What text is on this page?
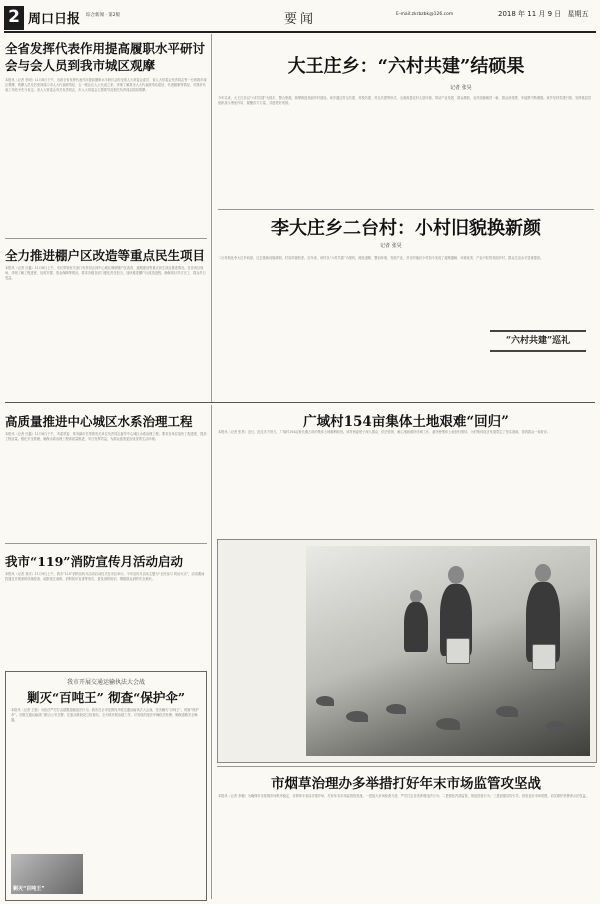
2 周口日报 综合新闻 · 第2版	要闻	E-mail:zkrbzbk@126.com	2018 年 11 月 9 日 星期五
全省发挥代表作用提高履职水平研讨会与会人员到我市城区观摩
本报讯（记者 李明）11月8日下午，出席全省发挥代表作用提高履职水平研讨会的全国人大常委会委员、省人大常委会负责同志等一行到我市城区观摩。观摩人员先后来到周口市人大代表联络站、五一路社区人大代表之家，详细了解我市人大代表联络站建设、代表履职等情况，对我市代表工作给予充分肯定。省人大常委会有关负责同志，市人大常委会主要领导及相关负责同志陪同观摩。
全力推进棚户区改造等重点民生项目
本报讯（记者 吕鑫）11月8日上午，市长带领有关部门负责同志到中心城区调研棚户区改造、道路建设等重点民生项目推进情况。在各项目现场，详细了解工程进度、征收安置、资金保障等情况，要求各级各部门强化责任担当，加快推进棚户区改造进程，确保项目早日完工、群众早日受益。
高质量推进中心城区水系治理工程
本报讯（记者 吕鑫）11月8日下午，市委常委、常务副市长带领有关单位负责同志督导中心城区水系治理工程。要求各单位加快工程进度，提高工程质量，强化安全管理，确保水系治理工程高质量推进，早日发挥效益，为群众创造更加优美的生活环境。
我市“119”消防宣传月活动启动
本报讯（记者 刘彦）11月9日上午，我市“119”消防宣传月活动启动仪式在市区举行。今年宣传月活动主题为“全民参与 防治火灾”，活动期间将通过开展消防设施检查、疏散逃生演练、消防知识宣讲等形式，普及消防知识，增强群众消防安全意识。
我市开展交通运输执法大会战
剿灭“百吨王” 彻查“保护伞”
本报讯（记者 王胜）为依法严厉打击超限超载违法行为，我市在全市范围内开展交通运输执法大会战，坚决剿灭“百吨王”，彻查“保护伞”。各级交通运输部门联合公安交警，在重点路段设立检查站，全天候开展治超工作，对发现的违法车辆依法处理，确保道路安全畅通。
剿灭“百吨王”
大王庄乡：“六村共建”结硕果
记者 张昊
今年以来，大王庄乡以“六村共建”为抓手，整合资源，统筹推进美丽乡村建设。该乡通过村企共建、村校共建、村社共建等形式，全面改善农村人居环境，带动产业发展、群众增收，农村面貌焕然一新，群众获得感、幸福感不断增强。该乡坚持党建引领，发挥基层党组织战斗堡垒作用，凝聚各方力量，共建美好家园。
李大庄乡二台村：小村旧貌换新颜
记者 张昊
二台村地处李大庄乡西部，过去基础设施薄弱，村容村貌较差。近年来，该村以“六村共建”为契机，硬化道路、整治环境、发展产业，昔日的落后小村如今变成了道路通畅、环境优美、产业兴旺的美丽乡村，群众生活水平显著提高。
“六村共建”巡礼
广域村154亩集体土地艰难“回归”
本报讯（记者 张昊）近日，经过多方努力，广域村154亩被长期占用的集体土地顺利收回。该村两委班子深入群众、依法依规、耐心细致做好协调工作，最终使集体土地回归集体，为村集体经济发展奠定了坚实基础，得到群众一致好评。
市烟草治理办多举措打好年末市场监管攻坚战
本报讯（记者 李鹏）为确保年末卷烟市场秩序稳定，市烟草专卖局多措并举，打好年末市场监管攻坚战。一是加大市场检查力度，严厉打击各类涉烟违法行为；二是强化内部监管，规范经营行为；三是加强宣传引导，营造良好市场氛围，切实维护消费者合法权益。
